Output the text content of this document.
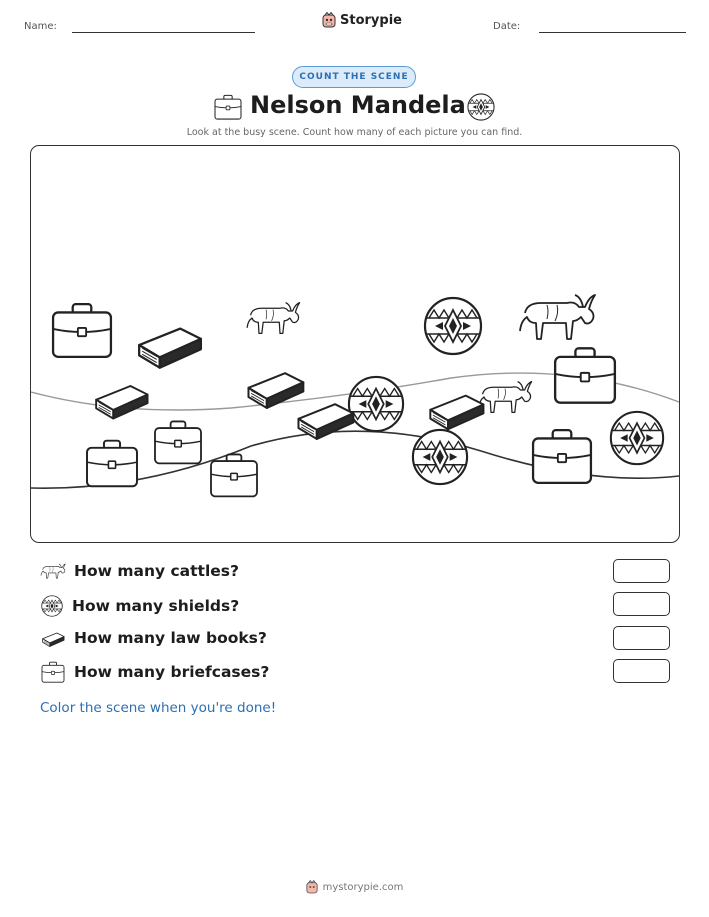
Name:	Storypie	Date:
COUNT THE SCENE
Nelson Mandela
Look at the busy scene. Count how many of each picture you can find.
How many cattles?
How many shields?
How many law books?
How many briefcases?
Color the scene when you're done!
mystorypie.com
